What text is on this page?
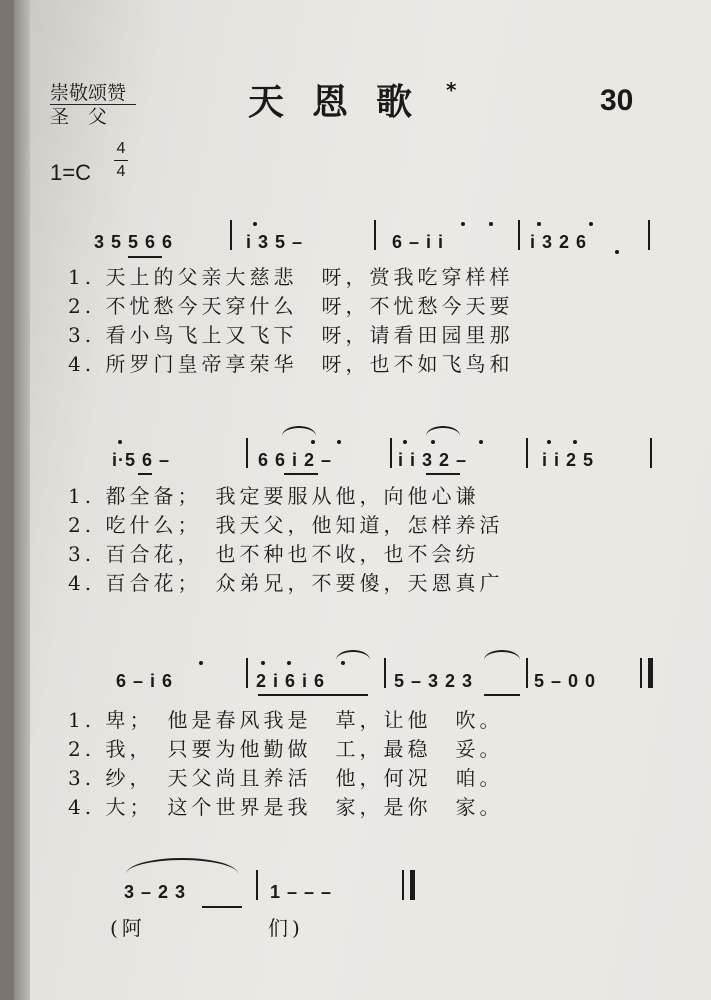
崇敬颂赞
圣　父	天恩歌 *	30
1=C
4
4
3 5 5 6 6	i 3 5 –	6 – i i	i 3 2 6
1. 天上的父亲大慈悲　呀，赏我吃穿样样
2. 不忧愁今天穿什么　呀，不忧愁今天要
3. 看小鸟飞上又飞下　呀，请看田园里那
4. 所罗门皇帝享荣华　呀，也不如飞鸟和
i·5 6 –	6 6 i 2 –	i i 3 2 –	i i 2 5
1. 都全备；　我定要服从他，向他心谦
2. 吃什么；　我天父，他知道，怎样养活
3. 百合花，　也不种也不收，也不会纺
4. 百合花；　众弟兄，不要傻，天恩真广
6 – i 6	2 i 6 i 6	5 – 3 2 3	5 – 0 0
1. 卑；　他是春风我是　草，让他　吹。
2. 我，　只要为他勤做　工，最稳　妥。
3. 纱，　天父尚且养活　他，何况　咱。
4. 大；　这个世界是我　家，是你　家。
3 – 2 3	1 – – –
(阿	们)
